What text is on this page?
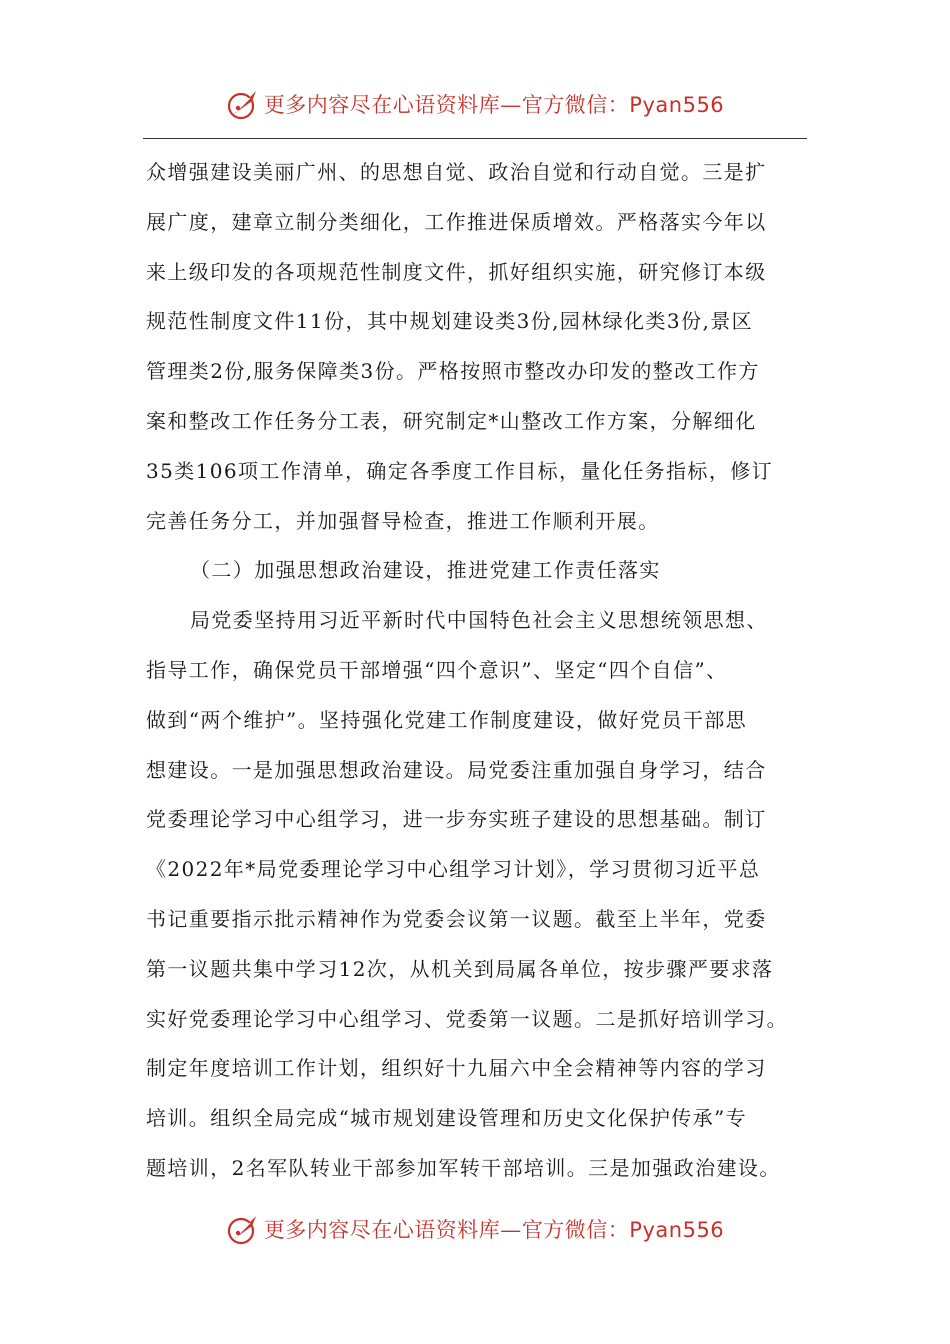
更多内容尽在心语资料库—官方微信：Pyan556
众增强建设美丽广州、的思想自觉、政治自觉和行动自觉。三是扩
展广度，建章立制分类细化，工作推进保质增效。严格落实今年以
来上级印发的各项规范性制度文件，抓好组织实施，研究修订本级
规范性制度文件11份，其中规划建设类3份,园林绿化类3份,景区
管理类2份,服务保障类3份。严格按照市整改办印发的整改工作方
案和整改工作任务分工表，研究制定*山整改工作方案，分解细化
35类106项工作清单，确定各季度工作目标，量化任务指标，修订
完善任务分工，并加强督导检查，推进工作顺利开展。
（二）加强思想政治建设，推进党建工作责任落实
局党委坚持用习近平新时代中国特色社会主义思想统领思想、
指导工作，确保党员干部增强“四个意识”、坚定“四个自信”、
做到“两个维护”。坚持强化党建工作制度建设，做好党员干部思
想建设。一是加强思想政治建设。局党委注重加强自身学习，结合
党委理论学习中心组学习，进一步夯实班子建设的思想基础。制订
《2022年*局党委理论学习中心组学习计划》，学习贯彻习近平总
书记重要指示批示精神作为党委会议第一议题。截至上半年，党委
第一议题共集中学习12次，从机关到局属各单位，按步骤严要求落
实好党委理论学习中心组学习、党委第一议题。二是抓好培训学习。
制定年度培训工作计划，组织好十九届六中全会精神等内容的学习
培训。组织全局完成“城市规划建设管理和历史文化保护传承”专
题培训，2名军队转业干部参加军转干部培训。三是加强政治建设。
更多内容尽在心语资料库—官方微信：Pyan556
